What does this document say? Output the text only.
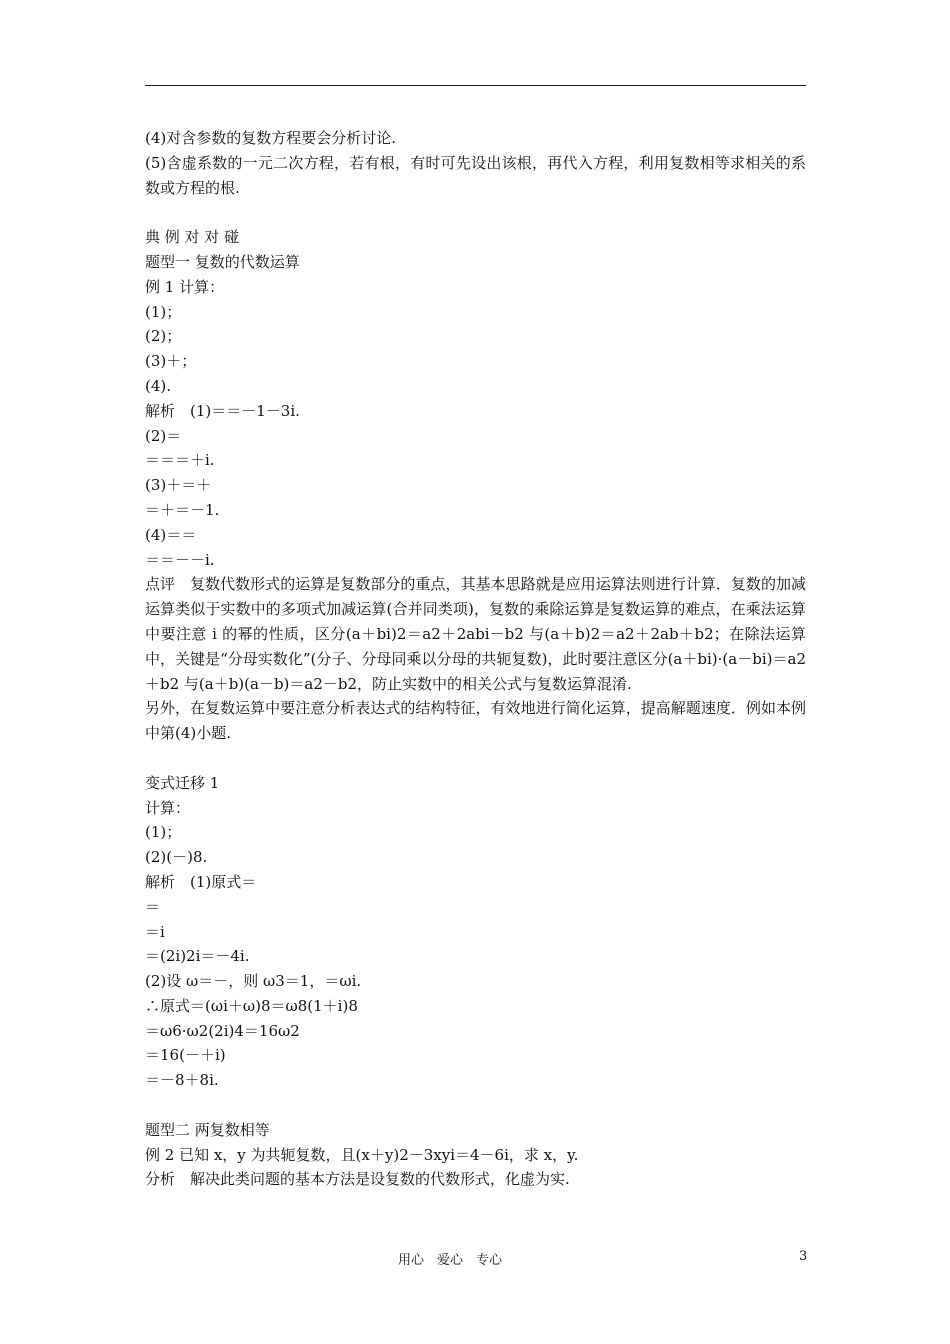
(4)对含参数的复数方程要会分析讨论.
(5)含虚系数的一元二次方程，若有根，有时可先设出该根，再代入方程，利用复数相等求相关的系数或方程的根.
典 例 对 对 碰
题型一 复数的代数运算
例 1 计算：
(1)；
(2)；
(3)＋；
(4).
解析　(1)＝＝－1－3i.
(2)＝
＝＝＝＋i.
(3)＋＝＋
＝＋＝－1.
(4)＝＝
＝＝－－i.
点评　复数代数形式的运算是复数部分的重点，其基本思路就是应用运算法则进行计算．复数的加减运算类似于实数中的多项式加减运算(合并同类项)，复数的乘除运算是复数运算的难点，在乘法运算中要注意 i 的幂的性质，区分(a＋bi)2＝a2＋2abi－b2 与(a＋b)2＝a2＋2ab＋b2；在除法运算中，关键是“分母实数化”(分子、分母同乘以分母的共轭复数)，此时要注意区分(a＋bi)·(a－bi)＝a2＋b2 与(a＋b)(a－b)＝a2－b2，防止实数中的相关公式与复数运算混淆.
另外，在复数运算中要注意分析表达式的结构特征，有效地进行简化运算，提高解题速度．例如本例中第(4)小题.
变式迁移 1
计算：
(1)；
(2)(－)8.
解析　(1)原式＝
＝
＝i
＝(2i)2i＝－4i.
(2)设 ω＝－，则 ω3＝1，＝ωi.
∴原式＝(ωi＋ω)8＝ω8(1＋i)8
＝ω6·ω2(2i)4＝16ω2
＝16(－＋i)
＝－8＋8i.
题型二 两复数相等
例 2 已知 x，y 为共轭复数，且(x＋y)2－3xyi＝4－6i，求 x，y.
分析　解决此类问题的基本方法是设复数的代数形式，化虚为实.
用心　爱心　专心	3
